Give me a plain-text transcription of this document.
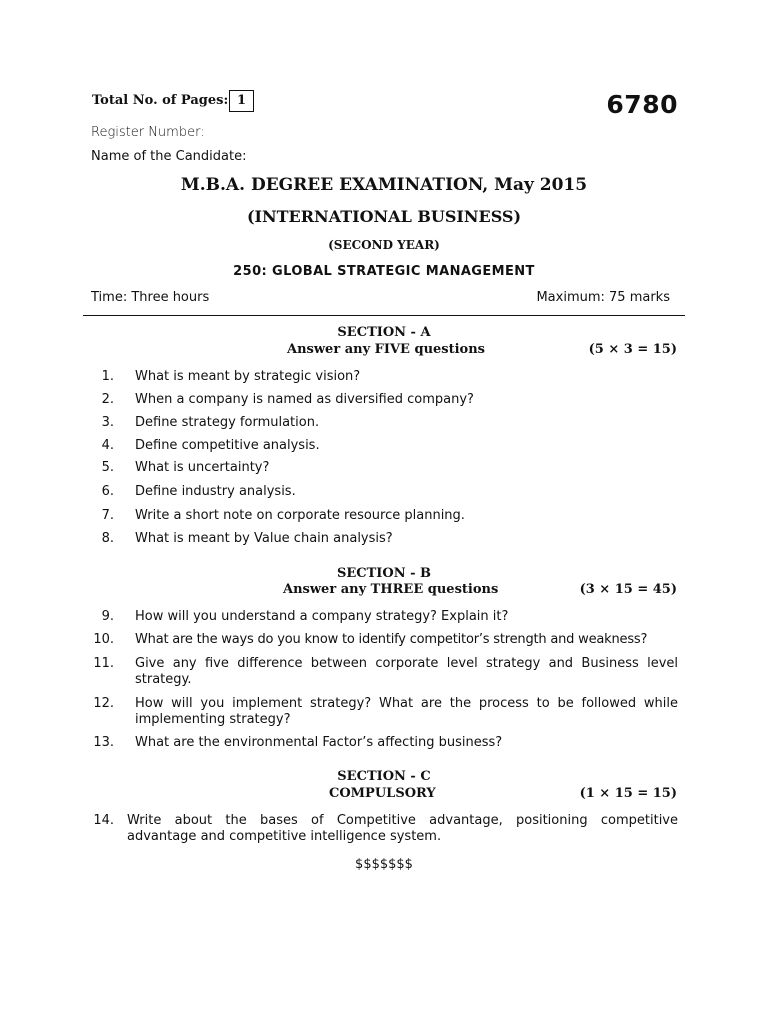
Total No. of Pages: 1	6780
Register Number:
Name of the Candidate:
M.B.A. DEGREE EXAMINATION, May 2015
(INTERNATIONAL BUSINESS)
(SECOND YEAR)
250: GLOBAL STRATEGIC MANAGEMENT
Time: Three hours	Maximum: 75 marks
SECTION - A
Answer any FIVE questions	(5 × 3 = 15)
1. What is meant by strategic vision?
2. When a company is named as diversified company?
3. Define strategy formulation.
4. Define competitive analysis.
5. What is uncertainty?
6. Define industry analysis.
7. Write a short note on corporate resource planning.
8. What is meant by Value chain analysis?
SECTION - B
Answer any THREE questions	(3 × 15 = 45)
9. How will you understand a company strategy? Explain it?
10. What are the ways do you know to identify competitor’s strength and weakness?
11. Give any five difference between corporate level strategy and Business level strategy.
12. How will you implement strategy? What are the process to be followed while implementing strategy?
13. What are the environmental Factor’s affecting business?
SECTION - C
COMPULSORY	(1 × 15 = 15)
14. Write about the bases of Competitive advantage, positioning competitive advantage and competitive intelligence system.
$$$$$$$
